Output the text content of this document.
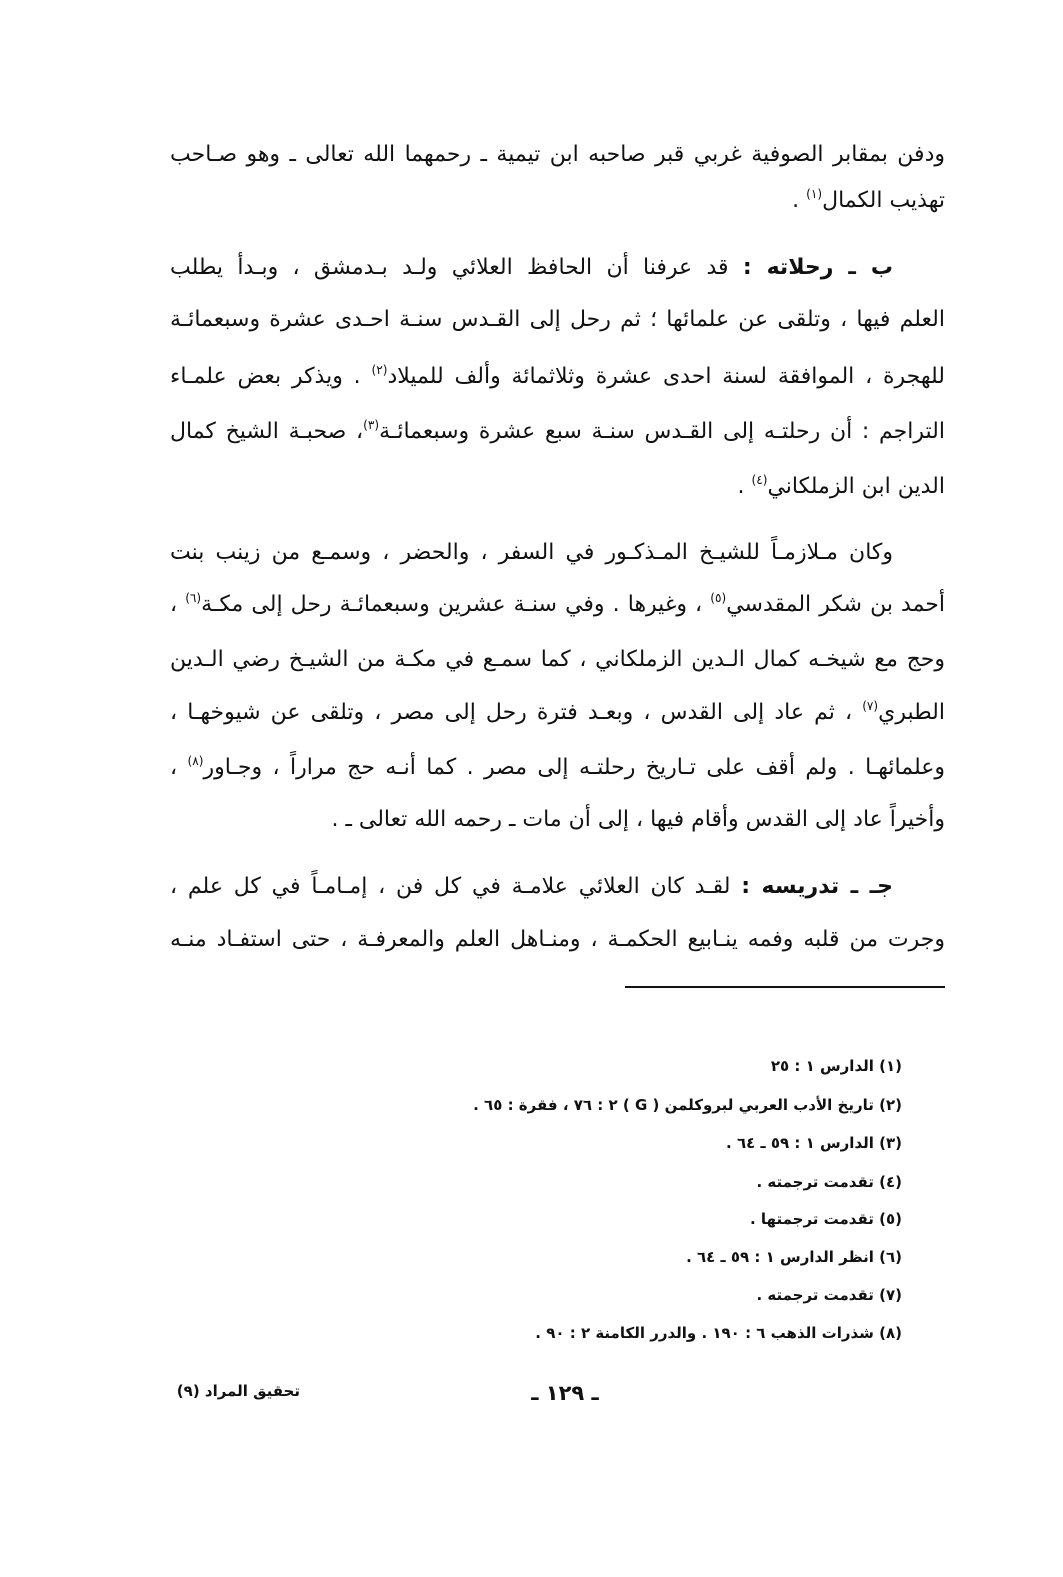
ودفن بمقابر الصوفية غربي قبر صاحبه ابن تيمية ـ رحمهما الله تعالى ـ وهو صـاحب
تهذيب الكمال$^{(١)}$ .
ب ـ رحلاته : قد عرفنا أن الحافظ العلائي ولـد بـدمشق ، وبـدأ يطلب
العلم فيها ، وتلقى عن علمائها ؛ ثم رحل إلى القـدس سنـة احـدى عشرة وسبعمائـة
للهجرة ، الموافقة لسنة احدى عشرة وثلاثمائة وألف للميلاد$^{(٢)}$ . ويذكر بعض علمـاء
التراجم : أن رحلتـه إلى القـدس سنـة سبع عشرة وسبعمائـة$^{(٣)}$، صحبـة الشيخ كمال
الدين ابن الزملكاني$^{(٤)}$ .
وكان مـلازمـاً للشيـخ المـذكـور في السفر ، والحضر ، وسمـع من زينب بنت
أحمد بن شكر المقدسي$^{(٥)}$ ، وغيرها . وفي سنـة عشرين وسبعمائـة رحل إلى مكـة$^{(٦)}$ ،
وحج مع شيخـه كمال الـدين الزملكاني ، كما سمـع في مكـة من الشيـخ رضي الـدين
الطبري$^{(٧)}$ ، ثم عاد إلى القدس ، وبعـد فترة رحل إلى مصر ، وتلقى عن شيوخهـا ،
وعلمائهـا . ولم أقف على تـاريخ رحلتـه إلى مصر . كما أنـه حج مراراً ، وجـاور$^{(٨)}$ ،
وأخيراً عاد إلى القدس وأقام فيها ، إلى أن مات ـ رحمه الله تعالى ـ .
جـ ـ تدريسه : لقـد كان العلائي علامـة في كل فن ، إمـامـاً في كل علم ،
وجرت من قلبه وفمه ينـابيع الحكمـة ، ومنـاهل العلم والمعرفـة ، حتى استفـاد منـه
(١) الدارس ١ : ٢٥
(٢) تاريخ الأدب العربي لبروكلمن ( G ) ٢ : ٧٦ ، فقرة : ٦٥ .
(٣) الدارس ١ : ٥٩ ـ ٦٤ .
(٤) تقدمت ترجمته .
(٥) تقدمت ترجمتها .
(٦) انظر الدارس ١ : ٥٩ ـ ٦٤ .
(٧) تقدمت ترجمته .
(٨) شذرات الذهب ٦ : ١٩٠ . والدرر الكامنة ٢ : ٩٠ .
ـ ١٢٩ ـ
تحقيق المراد (٩)
